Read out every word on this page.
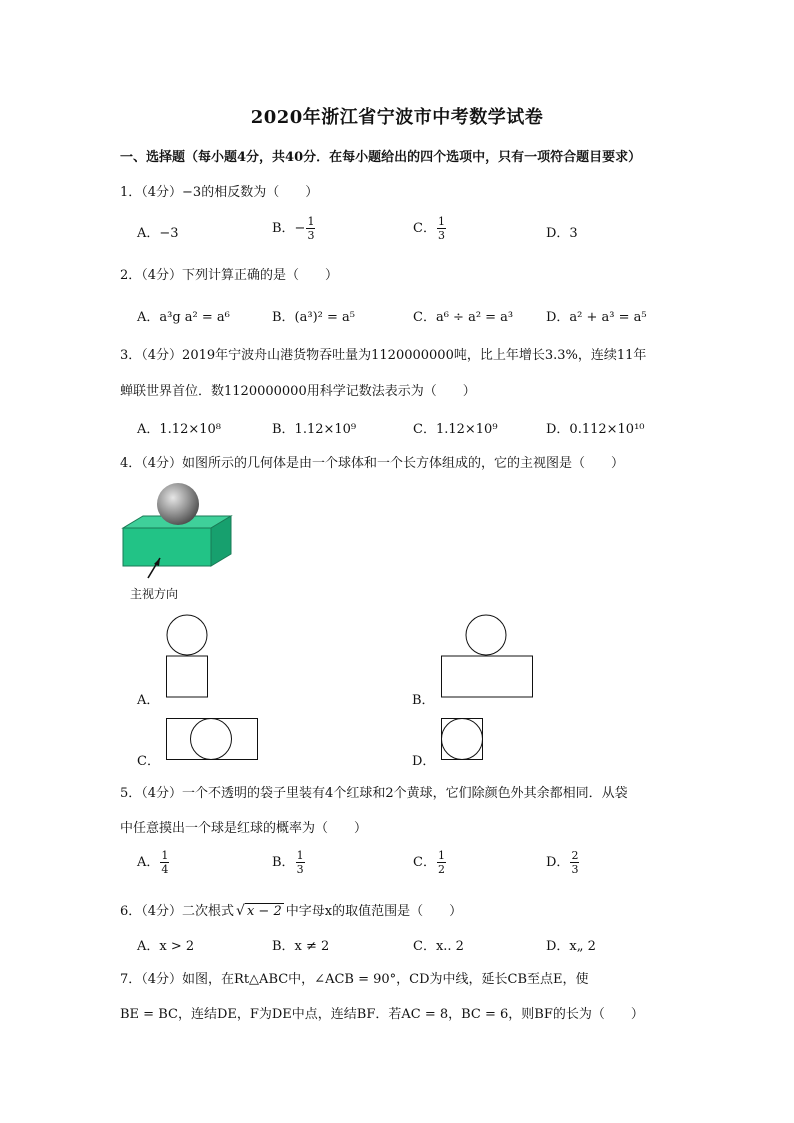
2020年浙江省宁波市中考数学试卷
一、选择题（每小题4分，共40分．在每小题给出的四个选项中，只有一项符合题目要求）
1．（4分）−3的相反数为（　　）
A．−3	B．− $\frac{1}{3}$	C． $\frac{1}{3}$	D．3
2．（4分）下列计算正确的是（　　）
A．a³g a² = a⁶	B．(a³)² = a⁵	C．a⁶ ÷ a² = a³	D．a² + a³ = a⁵
3．（4分）2019年宁波舟山港货物吞吐量为1120000000吨，比上年增长3.3%，连续11年
蝉联世界首位．数1120000000用科学记数法表示为（　　）
A．1.12×10⁸	B．1.12×10⁹	C．1.12×10⁹	D．0.112×10¹⁰
4．（4分）如图所示的几何体是由一个球体和一个长方体组成的，它的主视图是（　　）
主视方向
A．	B．
C．	D．
5．（4分）一个不透明的袋子里装有4个红球和2个黄球，它们除颜色外其余都相同．从袋
中任意摸出一个球是红球的概率为（　　）
A． $\frac{1}{4}$	B． $\frac{1}{3}$	C． $\frac{1}{2}$	D． $\frac{2}{3}$
6．（4分）二次根式 √ x − 2 中字母x的取值范围是（　　）
A．x > 2	B．x ≠ 2	C．x.. 2	D．x„ 2
7．（4分）如图，在Rt△ABC中，∠ACB = 90°，CD为中线，延长CB至点E，使
BE = BC，连结DE，F为DE中点，连结BF．若AC = 8，BC = 6，则BF的长为（　　）
